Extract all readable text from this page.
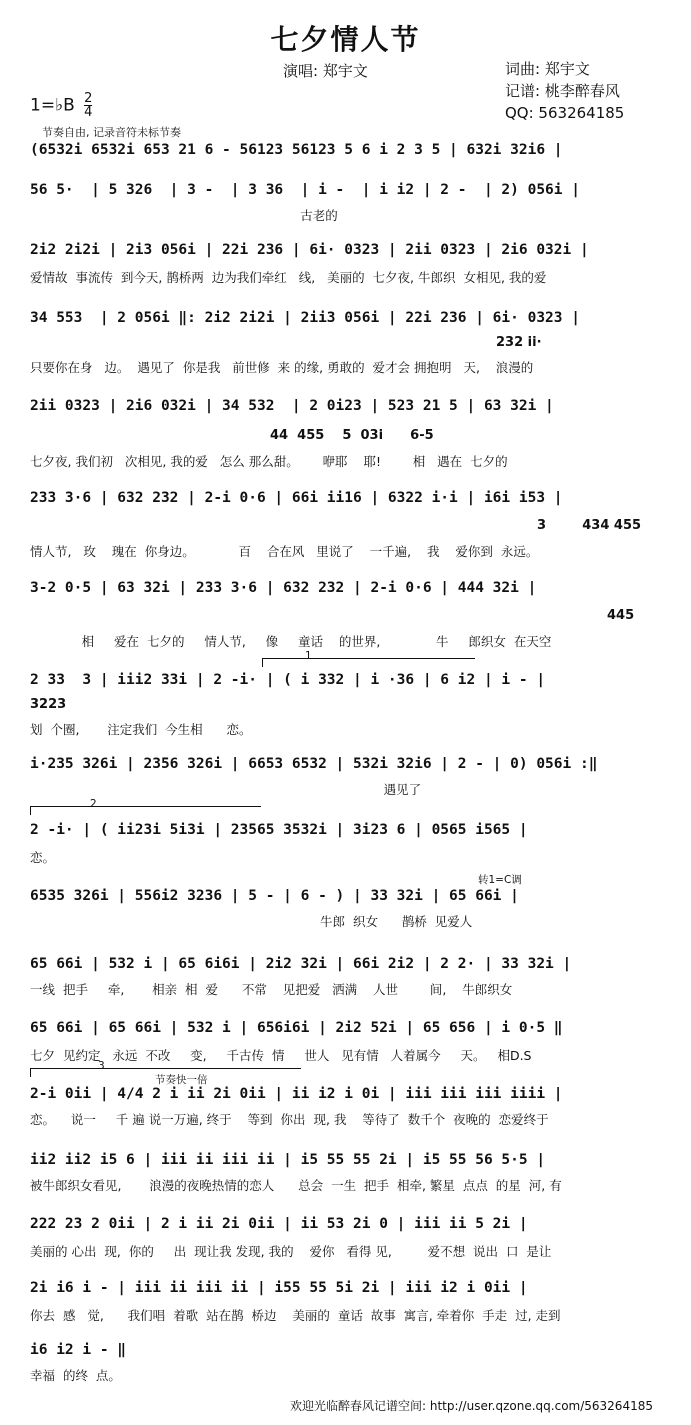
七夕情人节
演唱: 郑宇文	词曲: 郑宇文
记谱: 桃李醉春风
QQ: 563264185
1=♭B $\frac{2}{4}$
节奏自由, 记录音符未标节奏
(6532i 6532i 653 21 6 - 56123 56123 5 6 i 2 3 5 | 632i 32i6 |
56 5·  | 5 326  | 3 -  | 3 36  | i -  | i i2 | 2 -  | 2) 056i |
古老的
2i2 2i2i | 2i3 056i | 22i 236 | 6i· 0323 | 2ii 0323 | 2i6 032i |
爱情故  事流传  到今天, 鹊桥两  边为我们牵红   线,   美丽的  七夕夜, 牛郎织  女相见, 我的爱
34 553  | 2 056i ‖: 2i2 2i2i | 2ii3 056i | 22i 236 | 6i· 0323 |
232 ii·
只要你在身   边。  遇见了  你是我   前世修  来 的缘, 勇敢的  爱才会 拥抱明   天,    浪漫的
2ii 0323 | 2i6 032i | 34 532  | 2 0i23 | 523 21 5 | 63 32i |
44  455    5  03i      6-5
七夕夜, 我们初   次相见, 我的爱   怎么 那么甜。      咿耶    耶!        相   遇在  七夕的
233 3·6 | 632 232 | 2-i 0·6 | 66i ii16 | 6322 i·i | i6i i53 |
3        434 455
情人节,   玫    瑰在  你身边。           百    合在风   里说了    一千遍,    我    爱你到  永远。
3-2 0·5 | 63 32i | 233 3·6 | 632 232 | 2-i 0·6 | 444 32i |
445
相     爱在  七夕的     情人节,     像     童话    的世界,              牛     郎织女  在天空
1
2 33  3 | iii2 33i | 2 -i· | ( i 332 | i ·36 | 6 i2 | i - |
3223
划  个圈,       注定我们  今生相      恋。
i·235 326i | 2356 326i | 6653 6532 | 532i 32i6 | 2 - | 0) 056i :‖
遇见了
2
2 -i· | ( ii23i 5i3i | 23565 3532i | 3i23 6 | 0565 i565 |
恋。
转1=C调
6535 326i | 556i2 3236 | 5 - | 6 - ) | 33 32i | 65 66i |
牛郎  织女      鹊桥  见爱人
65 66i | 532 i | 65 6i6i | 2i2 32i | 66i 2i2 | 2 2· | 33 32i |
一线  把手     牵,       相亲  相  爱      不常    见把爱   洒满    人世        间,    牛郎织女
65 66i | 65 66i | 532 i | 656i6i | 2i2 52i | 65 656 | i 0·5 ‖
七夕  见约定   永远  不改     变,     千古传  情     世人   见有情   人着属今     天。   相D.S
3
节奏快一倍
2-i 0ii | 4/4 2 i ii 2i 0ii | ii i2 i 0i | iii iii iii iiii |
恋。    说一     千 遍 说一万遍, 终于    等到  你出  现, 我    等待了  数千个  夜晚的  恋爱终于
ii2 ii2 i5 6 | iii ii iii ii | i5 55 55 2i | i5 55 56 5·5 |
被牛郎织女看见,       浪漫的夜晚热情的恋人      总会  一生  把手  相牵, 繁星  点点  的星  河, 有
222 23 2 0ii | 2 i ii 2i 0ii | ii 53 2i 0 | iii ii 5 2i |
美丽的 心出  现,  你的     出  现让我 发现, 我的    爱你   看得 见,         爱不想  说出  口  是让
2i i6 i - | iii ii iii ii | i55 55 5i 2i | iii i2 i 0ii |
你去  感   觉,      我们唱  着歌  站在鹊  桥边    美丽的  童话  故事  寓言, 牵着你  手走  过, 走到
i6 i2 i - ‖
幸福  的终  点。
欢迎光临醉春风记谱空间: http://user.qzone.qq.com/563264185
